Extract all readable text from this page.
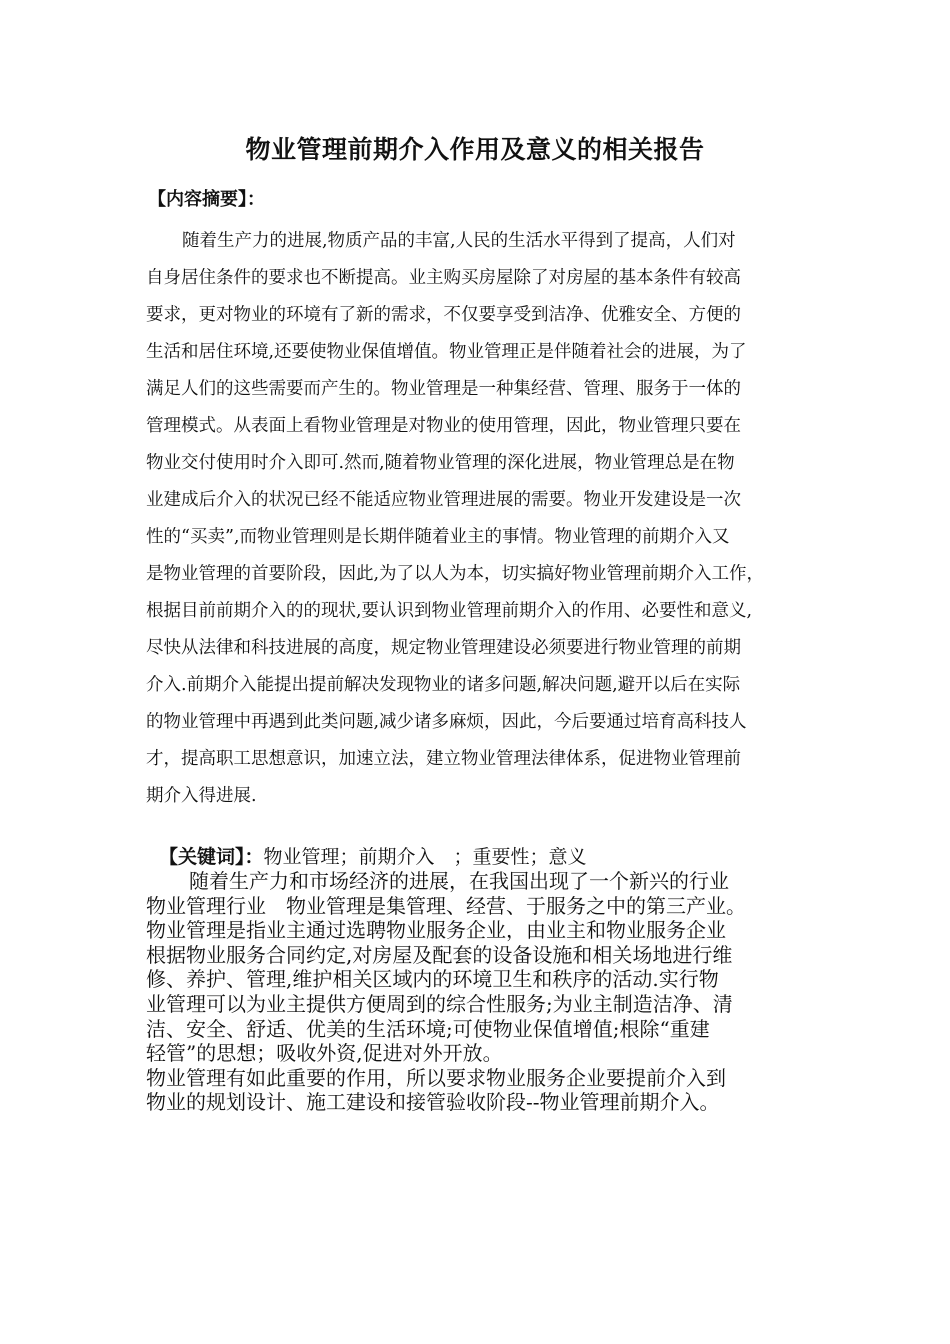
物业管理前期介入作用及意义的相关报告
【内容摘要】：
随着生产力的进展,物质产品的丰富,人民的生活水平得到了提高，人们对
自身居住条件的要求也不断提高。业主购买房屋除了对房屋的基本条件有较高
要求，更对物业的环境有了新的需求，不仅要享受到洁净、优雅安全、方便的
生活和居住环境,还要使物业保值增值。物业管理正是伴随着社会的进展，为了
满足人们的这些需要而产生的。物业管理是一种集经营、管理、服务于一体的
管理模式。从表面上看物业管理是对物业的使用管理，因此，物业管理只要在
物业交付使用时介入即可.然而,随着物业管理的深化进展，物业管理总是在物
业建成后介入的状况已经不能适应物业管理进展的需要。物业开发建设是一次
性的“买卖”,而物业管理则是长期伴随着业主的事情。物业管理的前期介入又
是物业管理的首要阶段，因此,为了以人为本，切实搞好物业管理前期介入工作，
根据目前前期介入的的现状,要认识到物业管理前期介入的作用、必要性和意义,
尽快从法律和科技进展的高度，规定物业管理建设必须要进行物业管理的前期
介入.前期介入能提出提前解决发现物业的诸多问题,解决问题,避开以后在实际
的物业管理中再遇到此类问题,减少诸多麻烦，因此，今后要通过培育高科技人
才，提高职工思想意识，加速立法，建立物业管理法律体系，促进物业管理前
期介入得进展.
【关键词】：物业管理；前期介入　；重要性；意义
随着生产力和市场经济的进展，在我国出现了一个新兴的行业
物业管理行业　物业管理是集管理、经营、于服务之中的第三产业。
物业管理是指业主通过选聘物业服务企业，由业主和物业服务企业
根据物业服务合同约定,对房屋及配套的设备设施和相关场地进行维
修、养护、管理,维护相关区域内的环境卫生和秩序的活动.实行物
业管理可以为业主提供方便周到的综合性服务;为业主制造洁净、清
洁、安全、舒适、优美的生活环境;可使物业保值增值;根除“重建
轻管”的思想；吸收外资,促进对外开放。
物业管理有如此重要的作用，所以要求物业服务企业要提前介入到
物业的规划设计、施工建设和接管验收阶段--物业管理前期介入。
